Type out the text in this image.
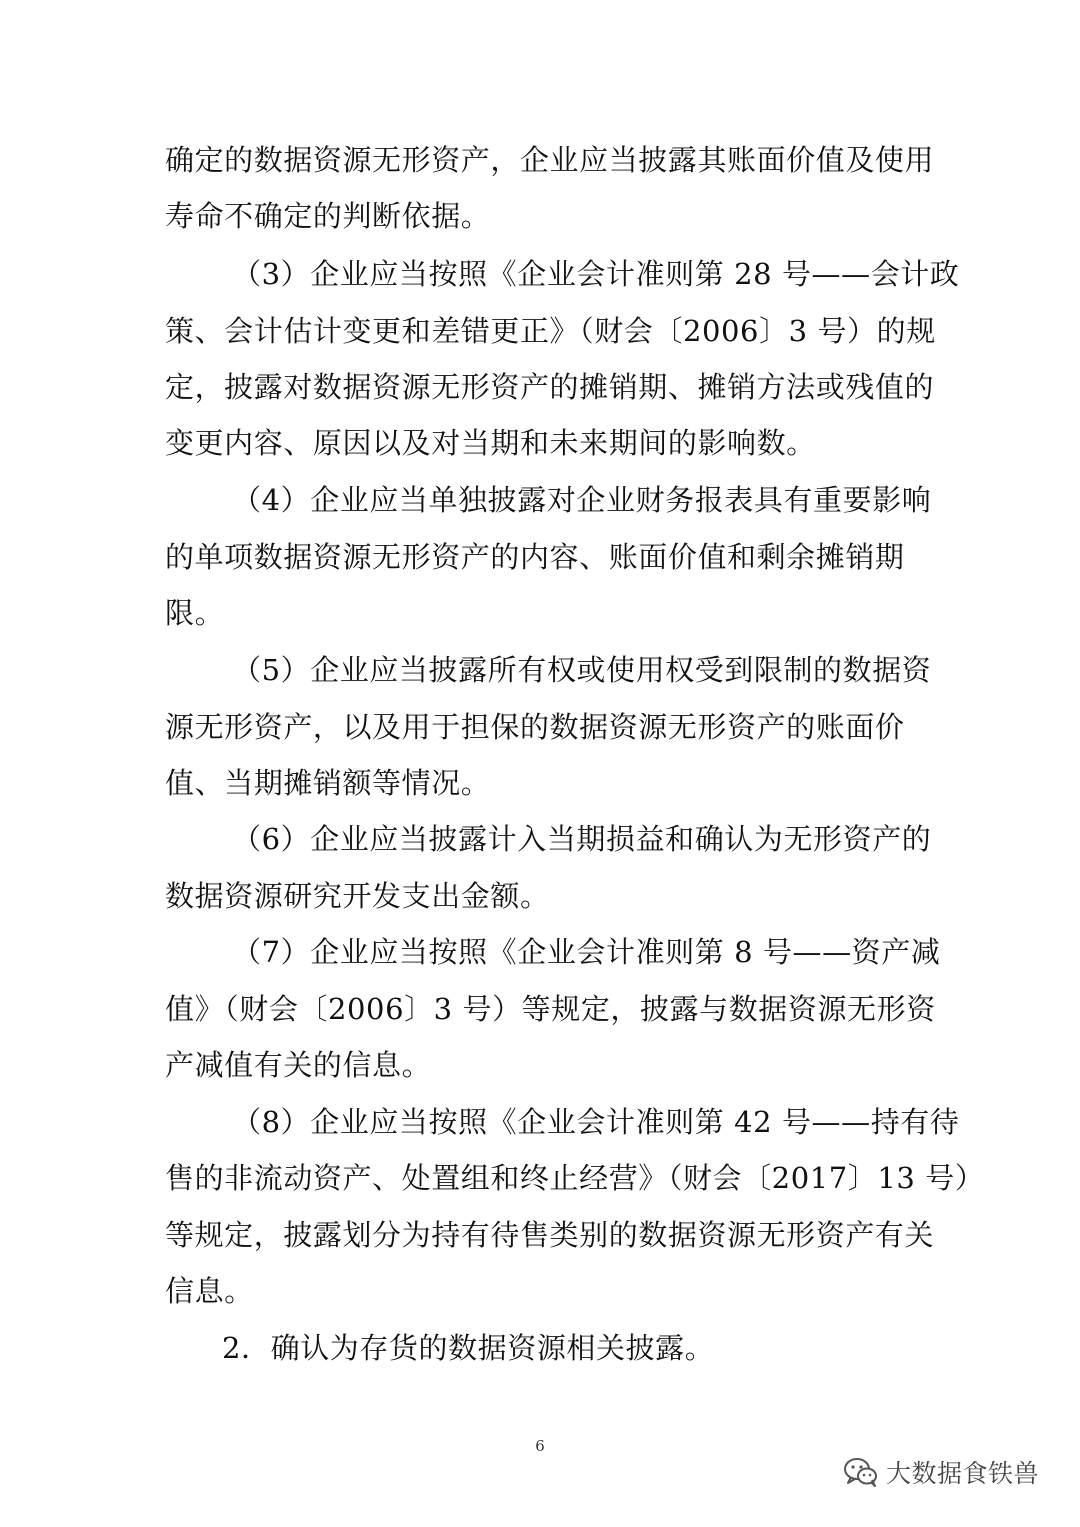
确定的数据资源无形资产，企业应当披露其账面价值及使用
寿命不确定的判断依据。
（3）企业应当按照《企业会计准则第 28 号——会计政
策、会计估计变更和差错更正》（财会〔2006〕3 号）的规
定，披露对数据资源无形资产的摊销期、摊销方法或残值的
变更内容、原因以及对当期和未来期间的影响数。
（4）企业应当单独披露对企业财务报表具有重要影响
的单项数据资源无形资产的内容、账面价值和剩余摊销期
限。
（5）企业应当披露所有权或使用权受到限制的数据资
源无形资产，以及用于担保的数据资源无形资产的账面价
值、当期摊销额等情况。
（6）企业应当披露计入当期损益和确认为无形资产的
数据资源研究开发支出金额。
（7）企业应当按照《企业会计准则第 8 号——资产减
值》（财会〔2006〕3 号）等规定，披露与数据资源无形资
产减值有关的信息。
（8）企业应当按照《企业会计准则第 42 号——持有待
售的非流动资产、处置组和终止经营》（财会〔2017〕13 号）
等规定，披露划分为持有待售类别的数据资源无形资产有关
信息。
2．确认为存货的数据资源相关披露。
6
大数据食铁兽
